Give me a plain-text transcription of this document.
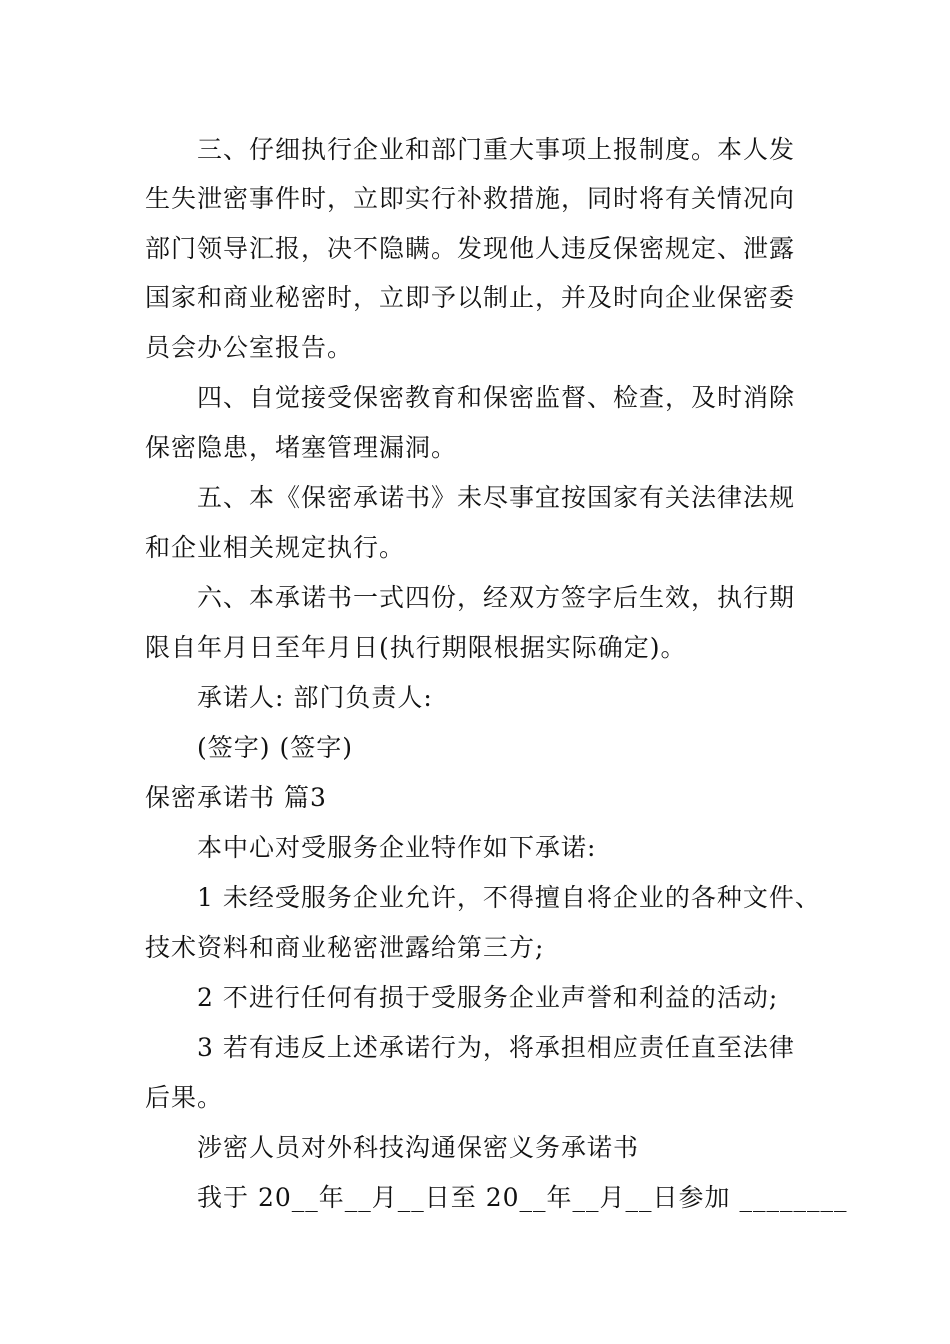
三、仔细执行企业和部门重大事项上报制度。本人发
生失泄密事件时，立即实行补救措施，同时将有关情况向
部门领导汇报，决不隐瞒。发现他人违反保密规定、泄露
国家和商业秘密时，立即予以制止，并及时向企业保密委
员会办公室报告。
四、自觉接受保密教育和保密监督、检查，及时消除
保密隐患，堵塞管理漏洞。
五、本《保密承诺书》未尽事宜按国家有关法律法规
和企业相关规定执行。
六、本承诺书一式四份，经双方签字后生效，执行期
限自年月日至年月日(执行期限根据实际确定)。
承诺人: 部门负责人:
(签字) (签字)
保密承诺书 篇3
本中心对受服务企业特作如下承诺:
1 未经受服务企业允许，不得擅自将企业的各种文件、
技术资料和商业秘密泄露给第三方;
2 不进行任何有损于受服务企业声誉和利益的活动;
3 若有违反上述承诺行为，将承担相应责任直至法律
后果。
涉密人员对外科技沟通保密义务承诺书
我于 20__年__月__日至 20__年__月__日参加 ________
